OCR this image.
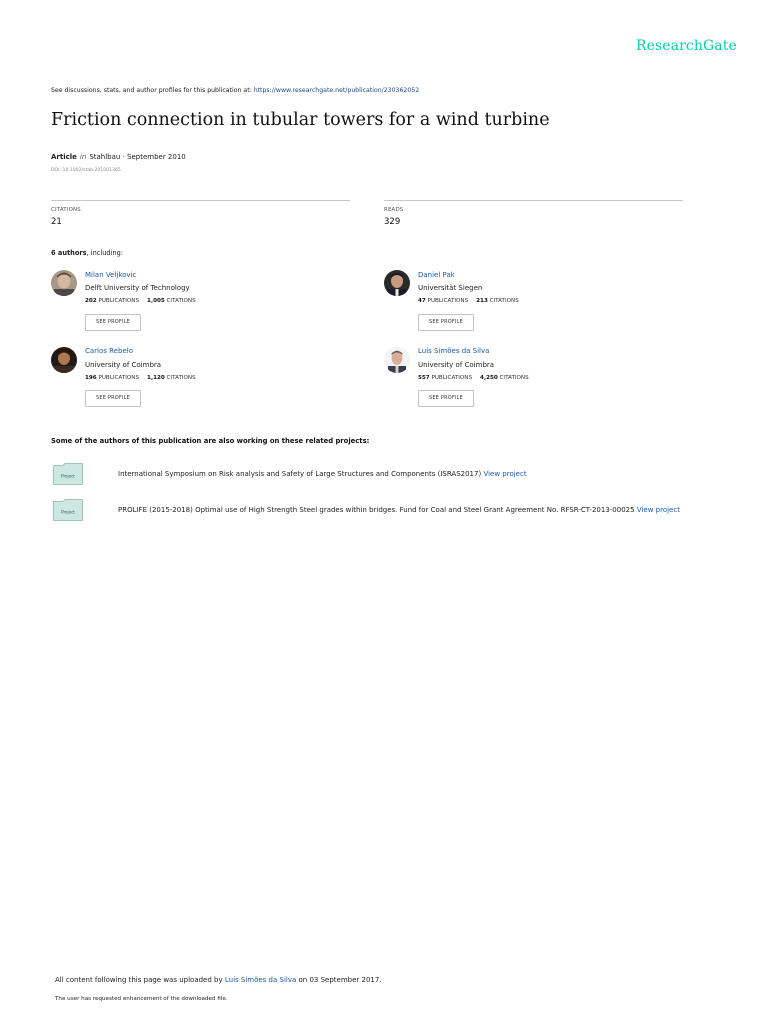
ResearchGate
See discussions, stats, and author profiles for this publication at: https://www.researchgate.net/publication/230362052
Friction connection in tubular towers for a wind turbine
Article in Stahlbau · September 2010
DOI: 10.1002/stab.201001365
CITATIONS
21
READS
329
6 authors, including:
Milan Veljkovic
Delft University of Technology
202 PUBLICATIONS 1,005 CITATIONS
SEE PROFILE
Daniel Pak
Universität Siegen
47 PUBLICATIONS 213 CITATIONS
SEE PROFILE
Carlos Rebelo
University of Coimbra
196 PUBLICATIONS 1,120 CITATIONS
SEE PROFILE
Luís Simões da Silva
University of Coimbra
557 PUBLICATIONS 4,250 CITATIONS
SEE PROFILE
Some of the authors of this publication are also working on these related projects:
Project	International Symposium on Risk analysis and Safety of Large Structures and Components (ISRAS2017) View project
Project	PROLIFE (2015-2018) Optimal use of High Strength Steel grades within bridges. Fund for Coal and Steel Grant Agreement No. RFSR-CT-2013-00025 View project
All content following this page was uploaded by Luís Simões da Silva on 03 September 2017.
The user has requested enhancement of the downloaded file.
